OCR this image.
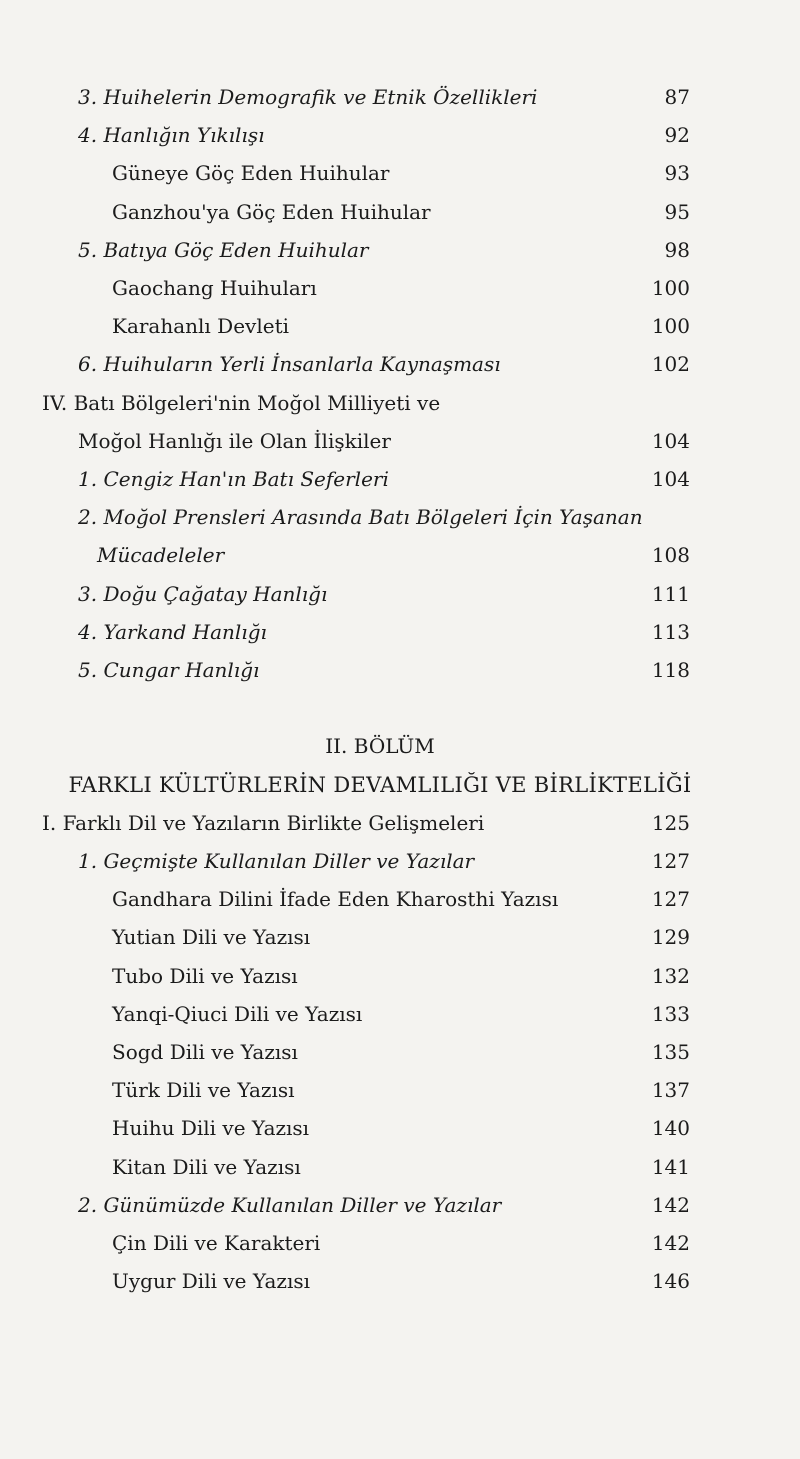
3. Huihelerin Demografik ve Etnik Özellikleri	87
4. Hanlığın Yıkılışı	92
Güneye Göç Eden Huihular	93
Ganzhou'ya Göç Eden Huihular	95
5. Batıya Göç Eden Huihular	98
Gaochang Huihuları	100
Karahanlı Devleti	100
6. Huihuların Yerli İnsanlarla Kaynaşması	102
IV. Batı Bölgeleri'nin Moğol Milliyeti ve
Moğol Hanlığı ile Olan İlişkiler	104
1. Cengiz Han'ın Batı Seferleri	104
2. Moğol Prensleri Arasında Batı Bölgeleri İçin Yaşanan
Mücadeleler	108
3. Doğu Çağatay Hanlığı	111
4. Yarkand Hanlığı	113
5. Cungar Hanlığı	118
II. BÖLÜM
FARKLI KÜLTÜRLERİN DEVAMLILIĞI VE BİRLİKTELİĞİ
I. Farklı Dil ve Yazıların Birlikte Gelişmeleri	125
1. Geçmişte Kullanılan Diller ve Yazılar	127
Gandhara Dilini İfade Eden Kharosthi Yazısı	127
Yutian Dili ve Yazısı	129
Tubo Dili ve Yazısı	132
Yanqi-Qiuci Dili ve Yazısı	133
Sogd Dili ve Yazısı	135
Türk Dili ve Yazısı	137
Huihu Dili ve Yazısı	140
Kitan Dili ve Yazısı	141
2. Günümüzde Kullanılan Diller ve Yazılar	142
Çin Dili ve Karakteri	142
Uygur Dili ve Yazısı	146
